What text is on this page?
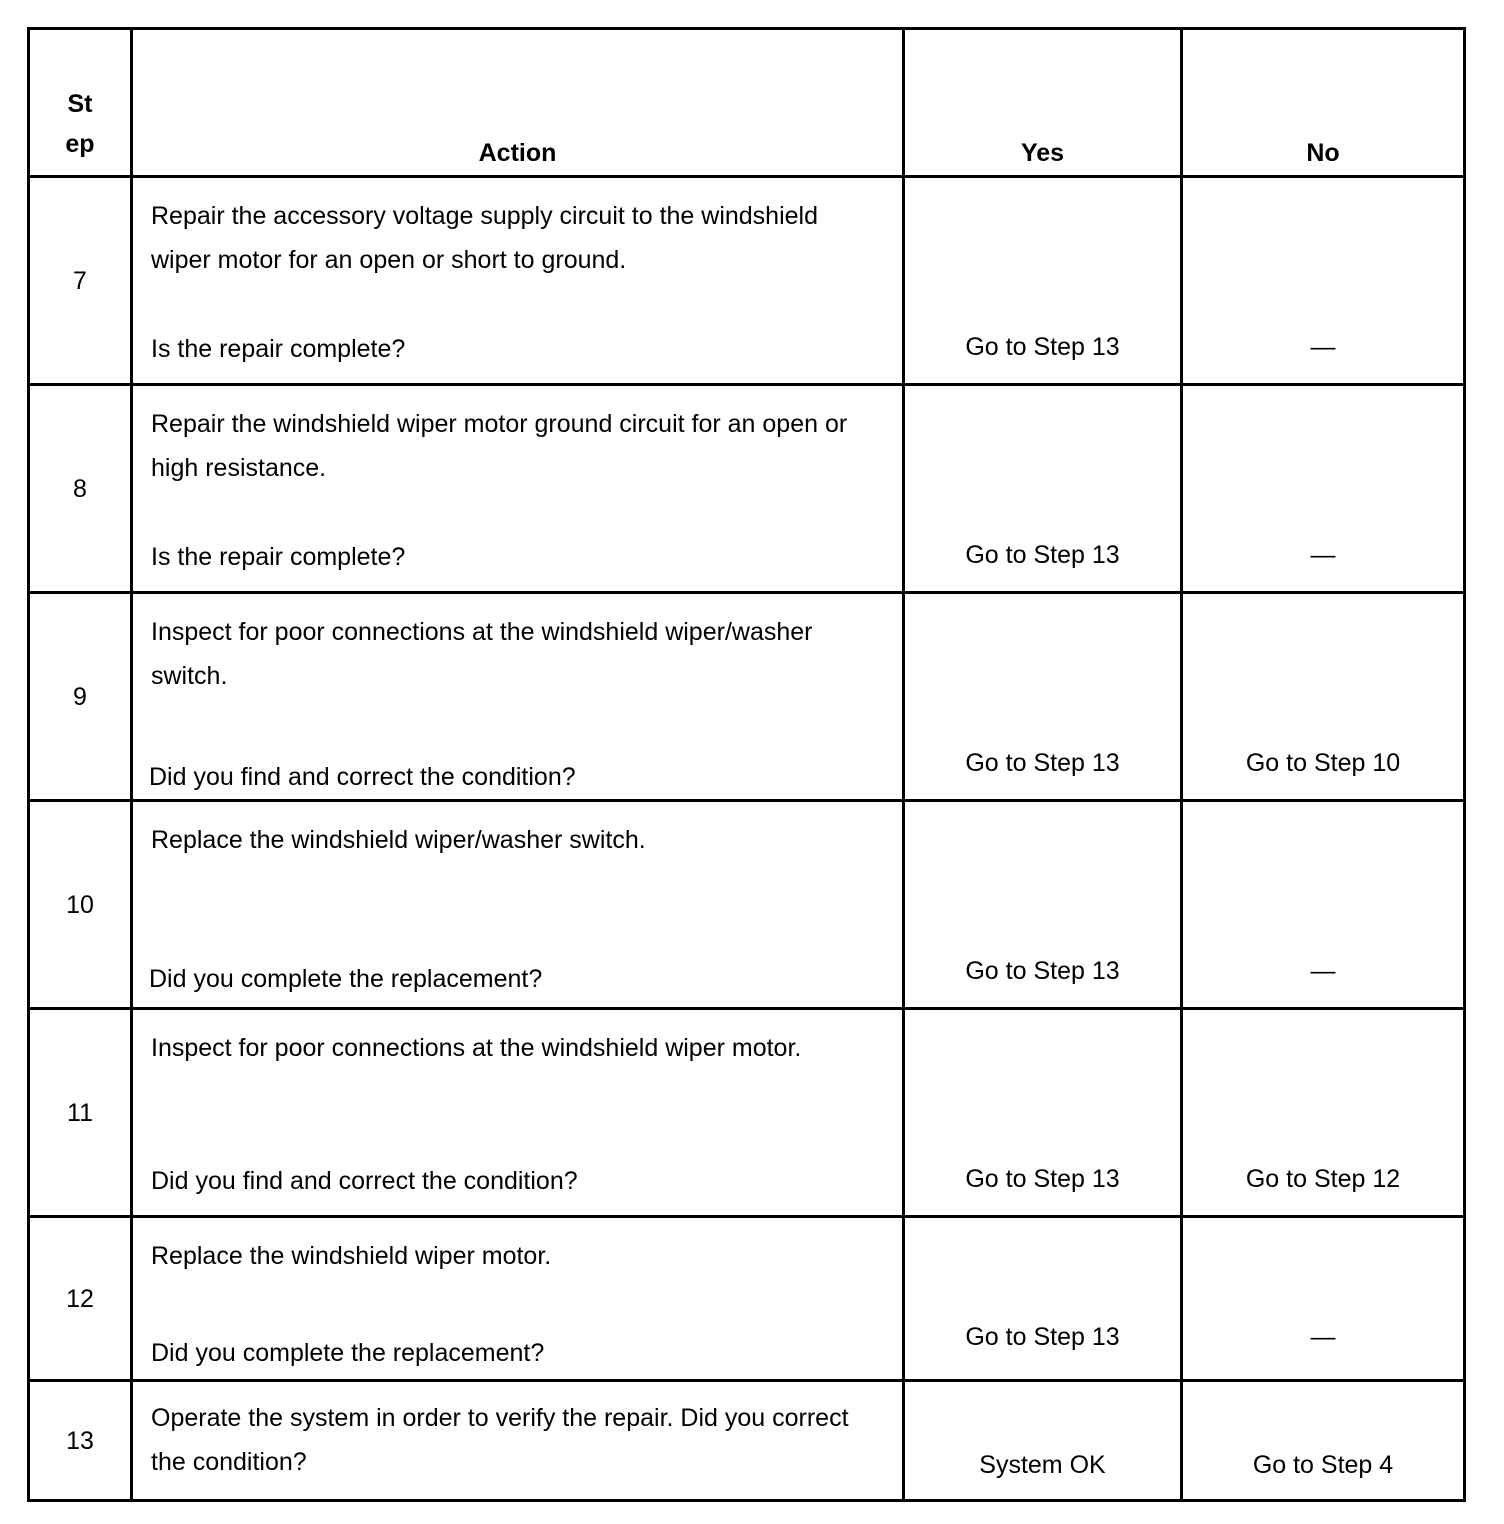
St
ep	Action	Yes	No
7	Repair the accessory voltage supply circuit to the windshield wiper motor for an open or short to ground.
Is the repair complete?	Go to Step 13	—
8	Repair the windshield wiper motor ground circuit for an open or high resistance.
Is the repair complete?	Go to Step 13	—
9	Inspect for poor connections at the windshield wiper/washer switch.
Did you find and correct the condition?	Go to Step 13	Go to Step 10
10	Replace the windshield wiper/washer switch.
Did you complete the replacement?	Go to Step 13	—
11	Inspect for poor connections at the windshield wiper motor.
Did you find and correct the condition?	Go to Step 13	Go to Step 12
12	Replace the windshield wiper motor.
Did you complete the replacement?	Go to Step 13	—
13	Operate the system in order to verify the repair. Did you correct the condition?	System OK	Go to Step 4
